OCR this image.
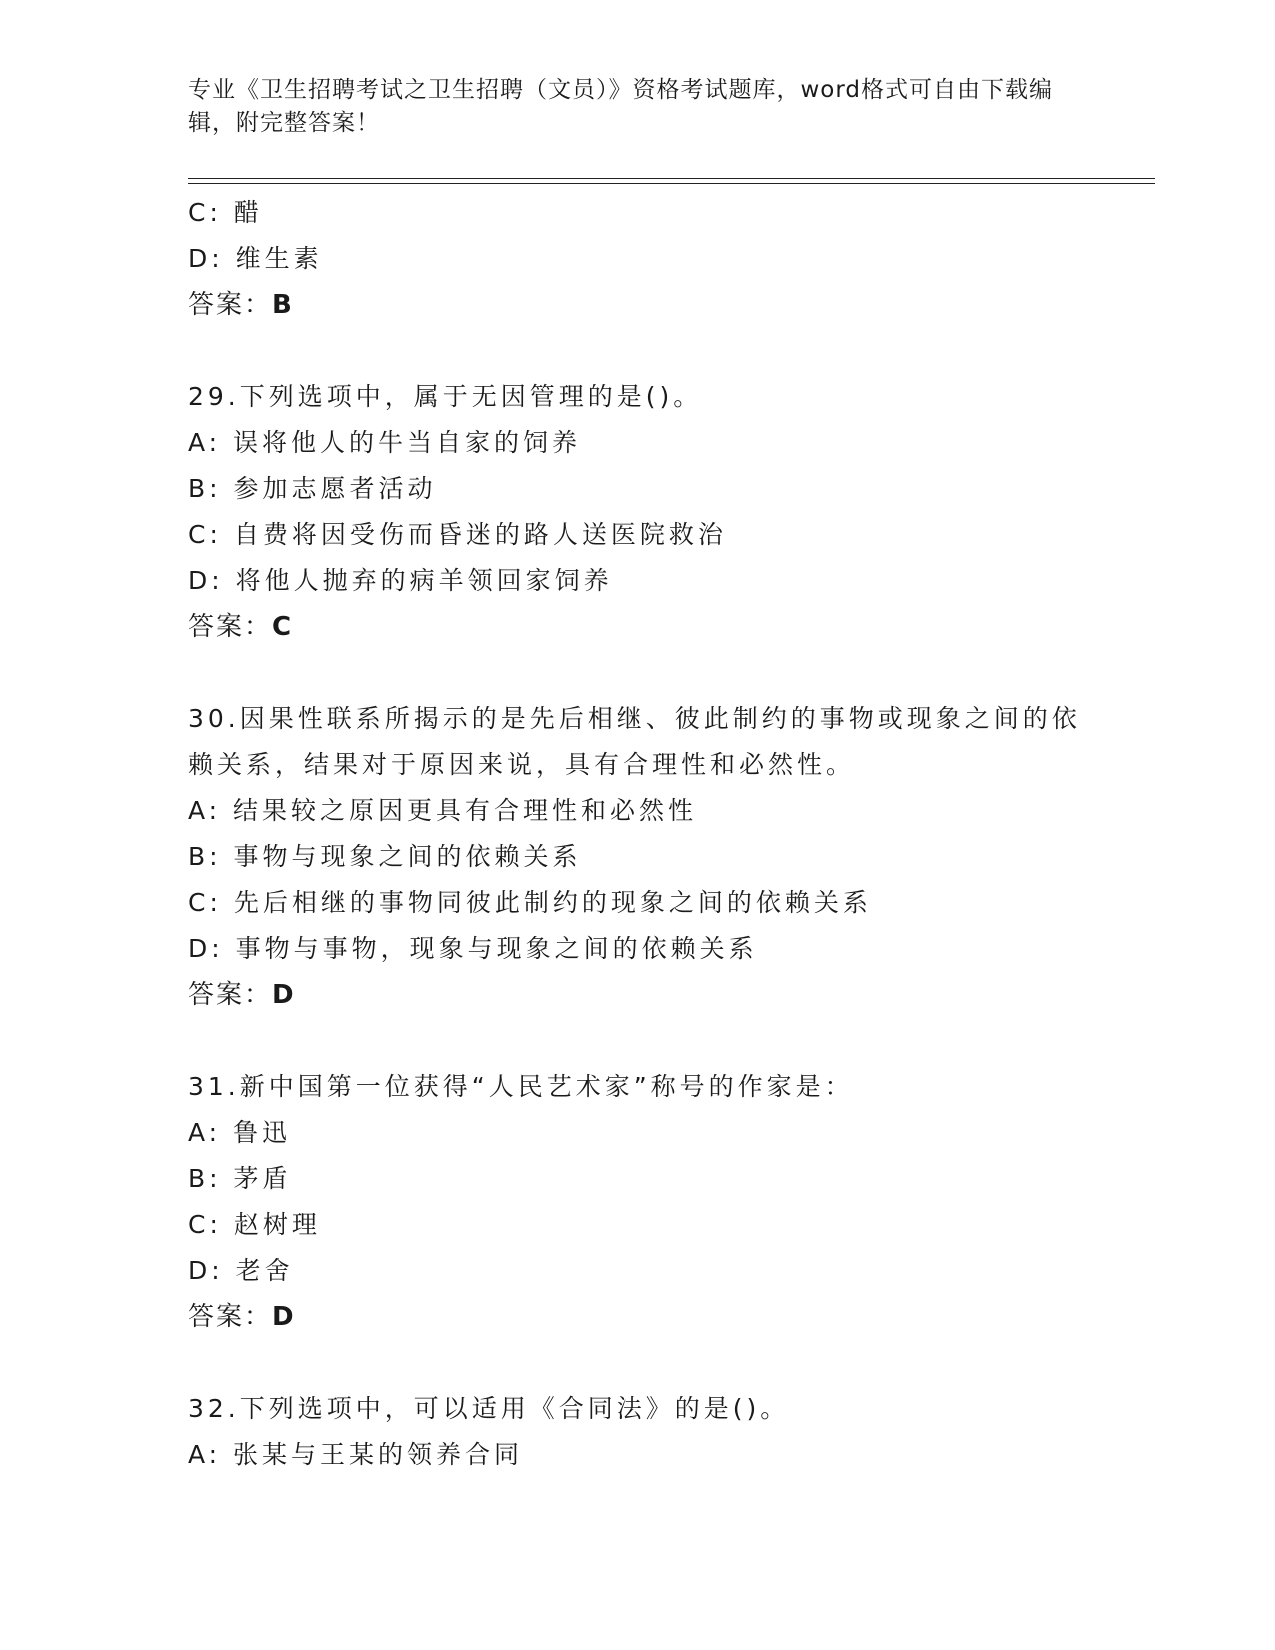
专业《卫生招聘考试之卫生招聘（文员）》资格考试题库，word格式可自由下载编辑，附完整答案！

C: 醋

D: 维生素

答案：B

29.下列选项中，属于无因管理的是()。

A: 误将他人的牛当自家的饲养

B: 参加志愿者活动

C: 自费将因受伤而昏迷的路人送医院救治

D: 将他人抛弃的病羊领回家饲养

答案：C

30.因果性联系所揭示的是先后相继、彼此制约的事物或现象之间的依赖关系，结果对于原因来说，具有合理性和必然性。

A: 结果较之原因更具有合理性和必然性

B: 事物与现象之间的依赖关系

C: 先后相继的事物同彼此制约的现象之间的依赖关系

D: 事物与事物，现象与现象之间的依赖关系

答案：D

31.新中国第一位获得“人民艺术家”称号的作家是：

A: 鲁迅

B: 茅盾

C: 赵树理

D: 老舍

答案：D

32.下列选项中，可以适用《合同法》的是()。

A: 张某与王某的领养合同
